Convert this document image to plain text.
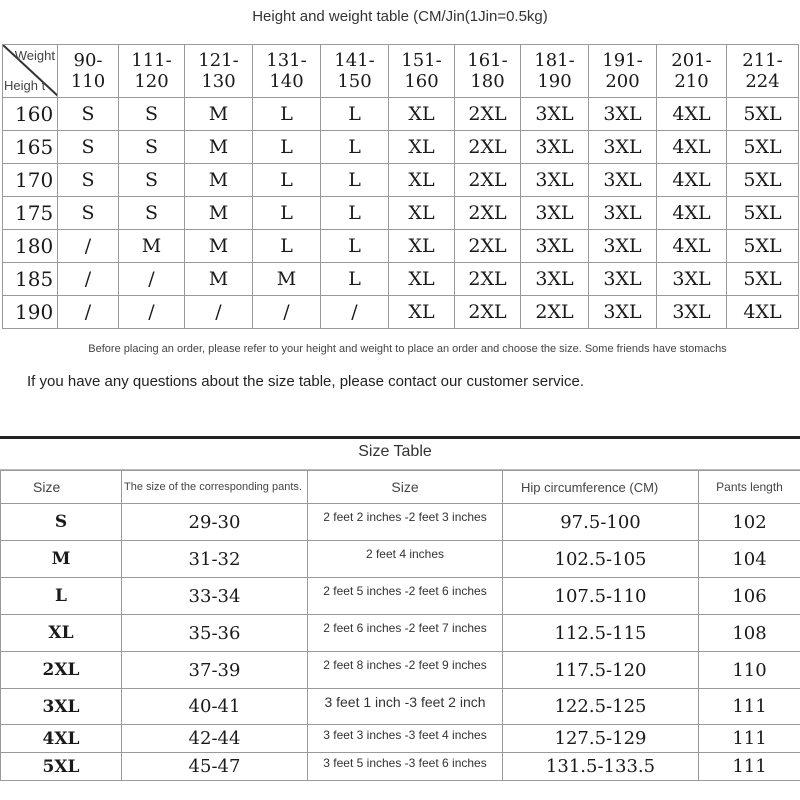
Height and weight table (CM/Jin(1Jin=0.5kg)
Weight
Heigh t	90-110	111-120	121-130	131-140	141-150	151-160	161-180	181-190	191-200	201-210	211-224
160	S	S	M	L	L	XL	2XL	3XL	3XL	4XL	5XL
165	S	S	M	L	L	XL	2XL	3XL	3XL	4XL	5XL
170	S	S	M	L	L	XL	2XL	3XL	3XL	4XL	5XL
175	S	S	M	L	L	XL	2XL	3XL	3XL	4XL	5XL
180	/	M	M	L	L	XL	2XL	3XL	3XL	4XL	5XL
185	/	/	M	M	L	XL	2XL	3XL	3XL	3XL	5XL
190	/	/	/	/	/	XL	2XL	2XL	3XL	3XL	4XL
Before placing an order, please refer to your height and weight to place an order and choose the size. Some friends have stomachs
If you have any questions about the size table, please contact our customer service.
Size Table
Size	The size of the corresponding pants.	Size	Hip circumference (CM)	Pants length
S	29-30	2 feet 2 inches -2 feet 3 inches	97.5-100	102
M	31-32	2 feet 4 inches	102.5-105	104
L	33-34	2 feet 5 inches -2 feet 6 inches	107.5-110	106
XL	35-36	2 feet 6 inches -2 feet 7 inches	112.5-115	108
2XL	37-39	2 feet 8 inches -2 feet 9 inches	117.5-120	110
3XL	40-41	3 feet 1 inch -3 feet 2 inch	122.5-125	111
4XL	42-44	3 feet 3 inches -3 feet 4 inches	127.5-129	111
5XL	45-47	3 feet 5 inches -3 feet 6 inches	131.5-133.5	111
